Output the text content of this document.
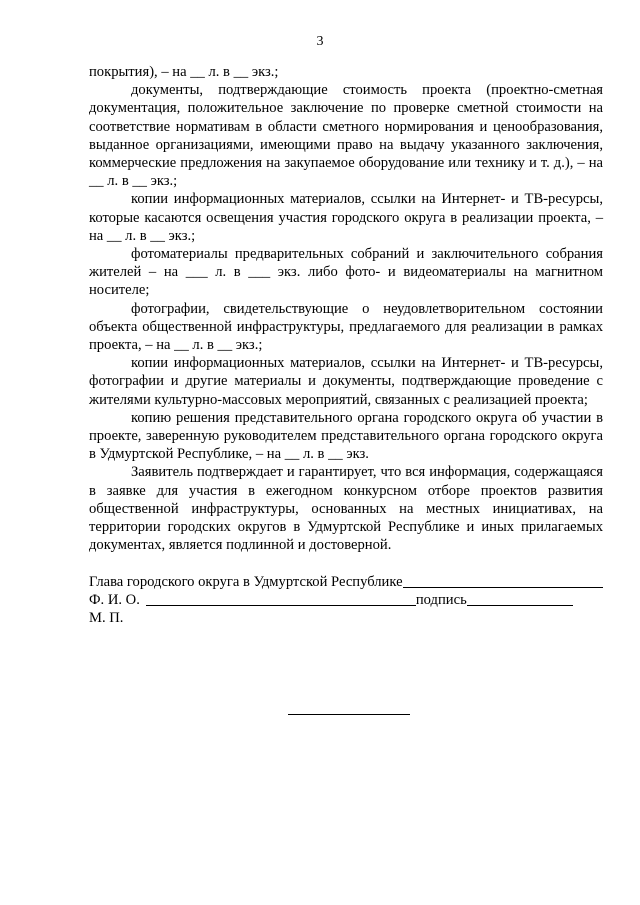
3

покрытия), – на __ л. в __ экз.;

документы, подтверждающие стоимость проекта (проектно-сметная документация, положительное заключение по проверке сметной стоимости на соответствие нормативам в области сметного нормирования и ценообразования, выданное организациями, имеющими право на выдачу указанного заключения, коммерческие предложения на закупаемое оборудование или технику и т. д.), – на __ л. в __ экз.;

копии информационных материалов, ссылки на Интернет- и ТВ-ресурсы, которые касаются освещения участия городского округа в реализации проекта, – на __ л. в __ экз.;

фотоматериалы предварительных собраний и заключительного собрания жителей – на ___ л. в ___ экз. либо фото- и видеоматериалы на магнитном носителе;

фотографии, свидетельствующие о неудовлетворительном состоянии объекта общественной инфраструктуры, предлагаемого для реализации в рамках проекта, – на __ л. в __ экз.;

копии информационных материалов, ссылки на Интернет- и ТВ-ресурсы, фотографии и другие материалы и документы, подтверждающие проведение с жителями культурно-массовых мероприятий, связанных с реализацией проекта;

копию решения представительного органа городского округа об участии в проекте, заверенную руководителем представительного органа городского округа в Удмуртской Республике, – на __ л. в __ экз.

Заявитель подтверждает и гарантирует, что вся информация, содержащаяся в заявке для участия в ежегодном конкурсном отборе проектов развития общественной инфраструктуры, основанных на местных инициативах, на территории городских округов в Удмуртской Республике и иных прилагаемых документах, является подлинной и достоверной.

Глава городского округа в Удмуртской Республике
Ф. И. О.	подпись
М. П.
